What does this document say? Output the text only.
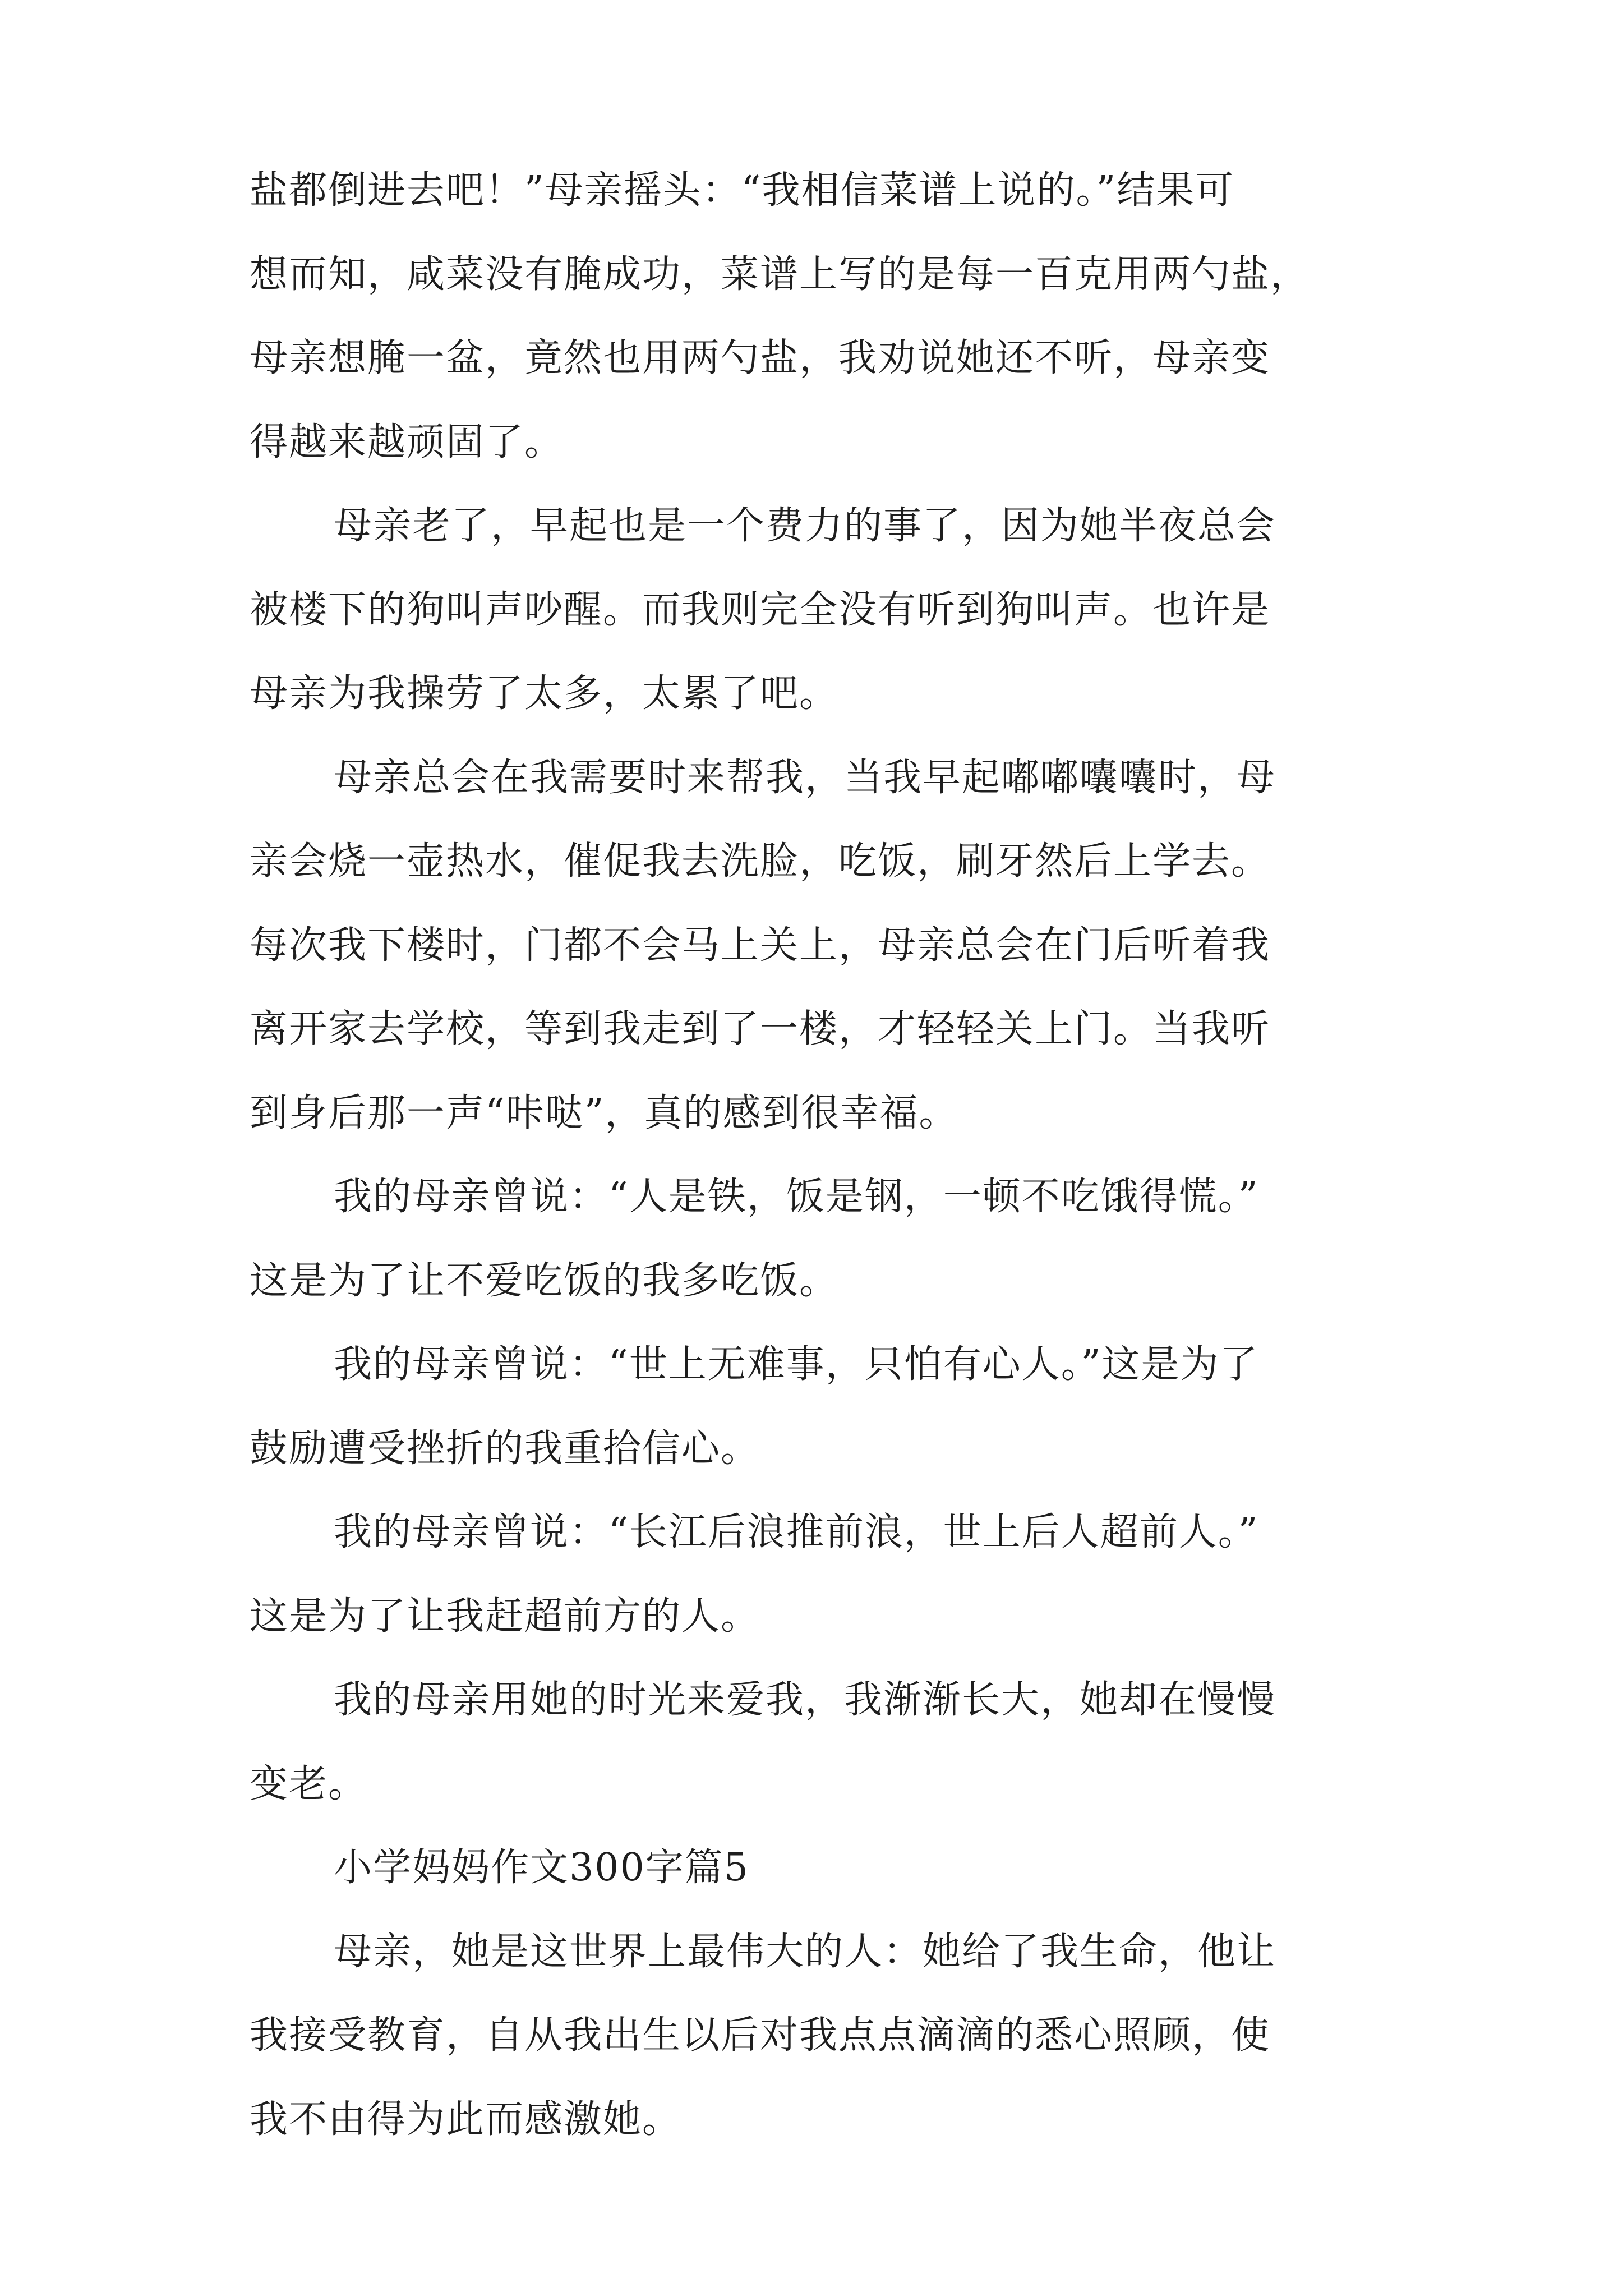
盐都倒进去吧！”母亲摇头：“我相信菜谱上说的。”结果可
想而知，咸菜没有腌成功，菜谱上写的是每一百克用两勺盐，
母亲想腌一盆，竟然也用两勺盐，我劝说她还不听，母亲变
得越来越顽固了。
母亲老了，早起也是一个费力的事了，因为她半夜总会
被楼下的狗叫声吵醒。而我则完全没有听到狗叫声。也许是
母亲为我操劳了太多，太累了吧。
母亲总会在我需要时来帮我，当我早起嘟嘟囔囔时，母
亲会烧一壶热水，催促我去洗脸，吃饭，刷牙然后上学去。
每次我下楼时，门都不会马上关上，母亲总会在门后听着我
离开家去学校，等到我走到了一楼，才轻轻关上门。当我听
到身后那一声“咔哒”，真的感到很幸福。
我的母亲曾说：“人是铁，饭是钢，一顿不吃饿得慌。”
这是为了让不爱吃饭的我多吃饭。
我的母亲曾说：“世上无难事，只怕有心人。”这是为了
鼓励遭受挫折的我重拾信心。
我的母亲曾说：“长江后浪推前浪，世上后人超前人。”
这是为了让我赶超前方的人。
我的母亲用她的时光来爱我，我渐渐长大，她却在慢慢
变老。
小学妈妈作文300字篇5
母亲，她是这世界上最伟大的人：她给了我生命，他让
我接受教育，自从我出生以后对我点点滴滴的悉心照顾，使
我不由得为此而感激她。
